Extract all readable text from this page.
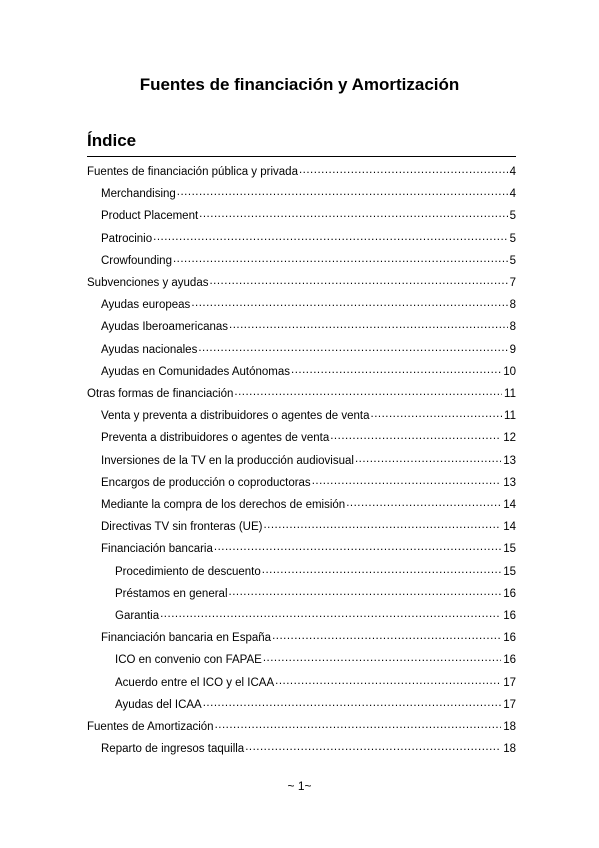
Fuentes de financiación y Amortización
Índice
Fuentes de financiación pública y privada .....	4
Merchandising .....	4
Product Placement .....	5
Patrocinio .....	5
Crowfounding .....	5
Subvenciones y ayudas .....	7
Ayudas europeas .....	8
Ayudas Iberoamericanas .....	8
Ayudas nacionales .....	9
Ayudas en Comunidades Autónomas .....	10
Otras formas de financiación .....	11
Venta y preventa a distribuidores o agentes de venta .....	11
Preventa a distribuidores o agentes de venta .....	12
Inversiones de la TV en la producción audiovisual .....	13
Encargos de producción o coproductoras .....	13
Mediante la compra de los derechos de emisión .....	14
Directivas TV sin fronteras (UE) .....	14
Financiación bancaria .....	15
Procedimiento de descuento .....	15
Préstamos en general .....	16
Garantia .....	16
Financiación bancaria en España .....	16
ICO en convenio con FAPAE .....	16
Acuerdo entre el ICO y el ICAA .....	17
Ayudas del ICAA .....	17
Fuentes de Amortización .....	18
Reparto de ingresos taquilla .....	18
~ 1~
